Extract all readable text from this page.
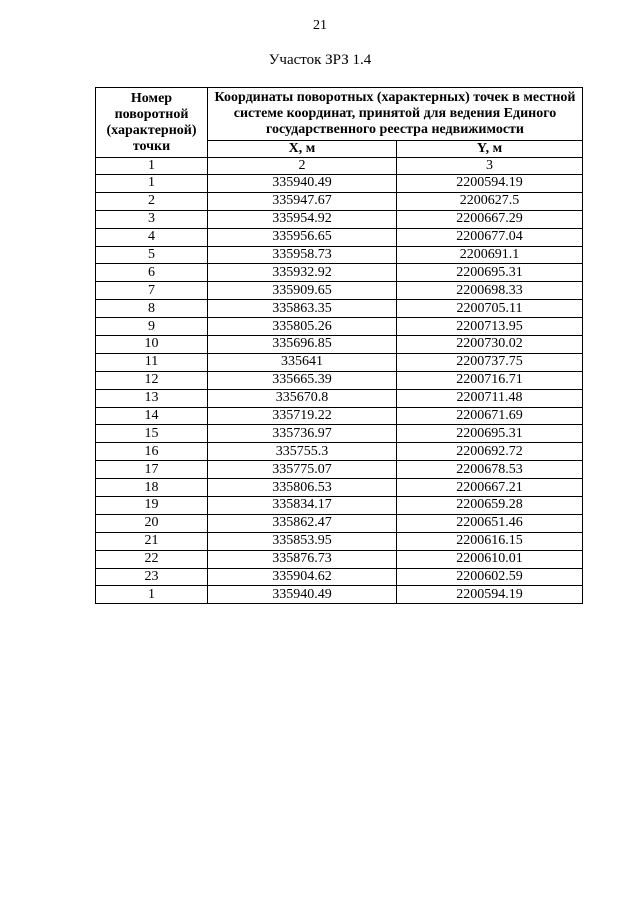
21
Участок ЗРЗ 1.4
Номер поворотной (характерной) точки	Координаты поворотных (характерных) точек в местной системе координат, принятой для ведения Единого государственного реестра недвижимости	
	X, м	Y, м
1	2	3
1	335940.49	2200594.19
2	335947.67	2200627.5
3	335954.92	2200667.29
4	335956.65	2200677.04
5	335958.73	2200691.1
6	335932.92	2200695.31
7	335909.65	2200698.33
8	335863.35	2200705.11
9	335805.26	2200713.95
10	335696.85	2200730.02
11	335641	2200737.75
12	335665.39	2200716.71
13	335670.8	2200711.48
14	335719.22	2200671.69
15	335736.97	2200695.31
16	335755.3	2200692.72
17	335775.07	2200678.53
18	335806.53	2200667.21
19	335834.17	2200659.28
20	335862.47	2200651.46
21	335853.95	2200616.15
22	335876.73	2200610.01
23	335904.62	2200602.59
1	335940.49	2200594.19
